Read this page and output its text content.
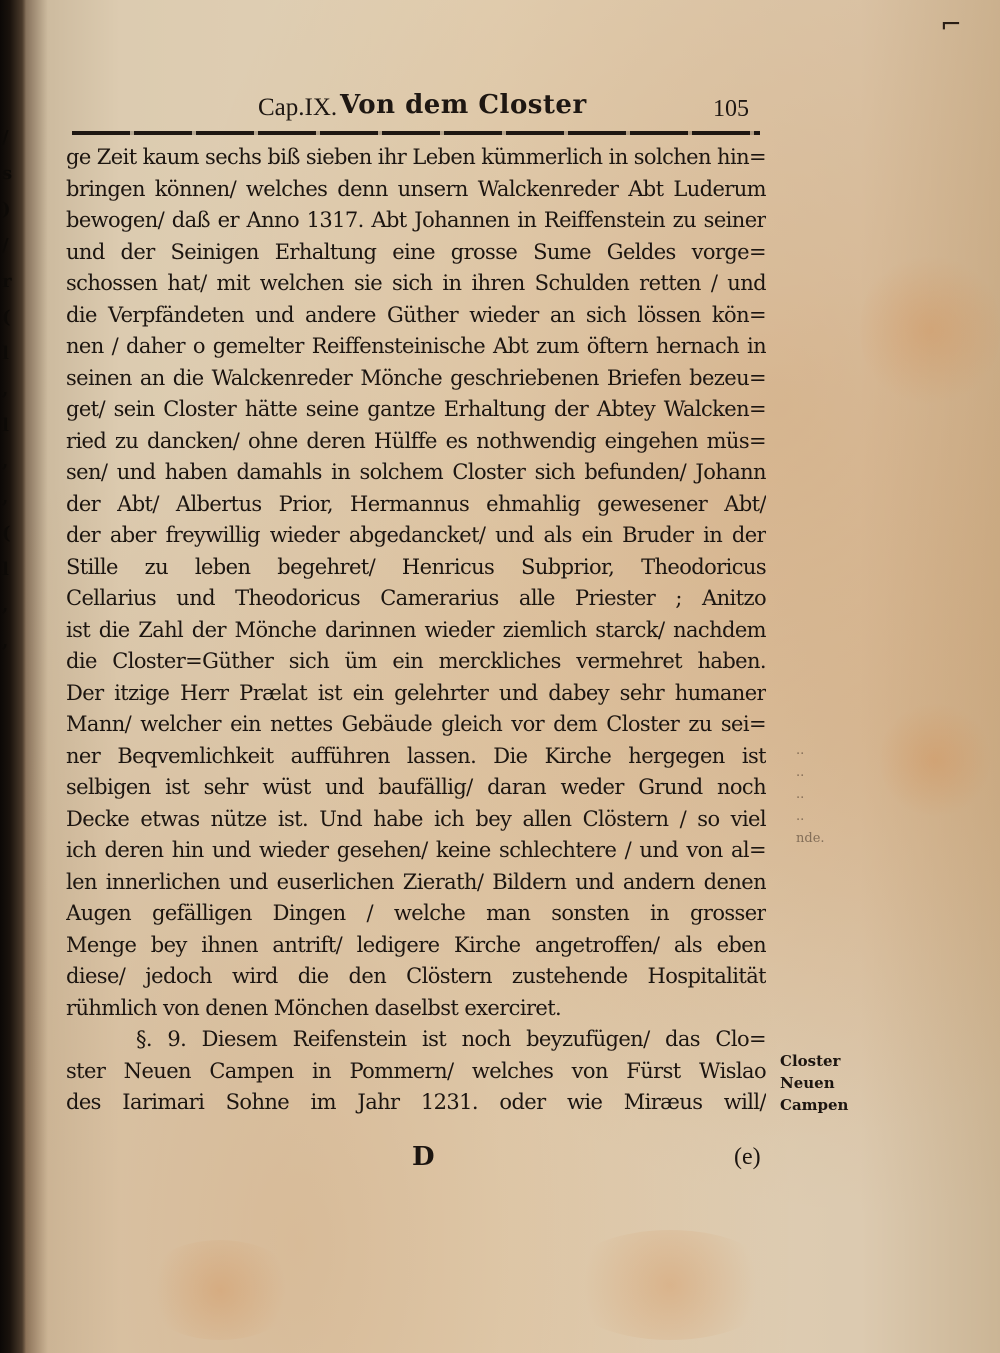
/
s
)
/
r
(
l
,
l
,
,
(
l
,
,
⌐
Cap.IX. Von dem Closter	105
ge Zeit kaum sechs biß sieben ihr Leben kümmerlich in solchen hin=
bringen können/ welches denn unsern Walckenreder Abt Luderum
bewogen/ daß er Anno 1317. Abt Johannen in Reiffenstein zu seiner
und der Seinigen Erhaltung eine grosse Sume Geldes vorge=
schossen hat/ mit welchen sie sich in ihren Schulden retten / und
die Verpfändeten und andere Güther wieder an sich lössen kön=
nen / daher o gemelter Reiffensteinische Abt zum öftern hernach in
seinen an die Walckenreder Mönche geschriebenen Briefen bezeu=
get/ sein Closter hätte seine gantze Erhaltung der Abtey Walcken=
ried zu dancken/ ohne deren Hülffe es nothwendig eingehen müs=
sen/ und haben damahls in solchem Closter sich befunden/ Johann
der Abt/ Albertus Prior, Hermannus ehmahlig gewesener Abt/
der aber freywillig wieder abgedancket/ und als ein Bruder in der
Stille zu leben begehret/ Henricus Subprior, Theodoricus
Cellarius und Theodoricus Camerarius alle Priester ; Anitzo
ist die Zahl der Mönche darinnen wieder ziemlich starck/ nachdem
die Closter=Güther sich üm ein merckliches vermehret haben.
Der itzige Herr Prælat ist ein gelehrter und dabey sehr humaner
Mann/ welcher ein nettes Gebäude gleich vor dem Closter zu sei=
ner Beqvemlichkeit aufführen lassen. Die Kirche hergegen ist
selbigen ist sehr wüst und baufällig/ daran weder Grund noch
Decke etwas nütze ist. Und habe ich bey allen Clöstern / so viel
ich deren hin und wieder gesehen/ keine schlechtere / und von al=
len innerlichen und euserlichen Zierath/ Bildern und andern denen
Augen gefälligen Dingen / welche man sonsten in grosser
Menge bey ihnen antrift/ ledigere Kirche angetroffen/ als eben
diese/ jedoch wird die den Clöstern zustehende Hospitalität
rühmlich von denen Mönchen daselbst exerciret.
§. 9. Diesem Reifenstein ist noch beyzufügen/ das Clo=
ster Neuen Campen in Pommern/ welches von Fürst Wislao
des Iarimari Sohne im Jahr 1231. oder wie Miræus will/
..
..
..
..
nde.
Closter
Neuen
Campen
D	(e)
